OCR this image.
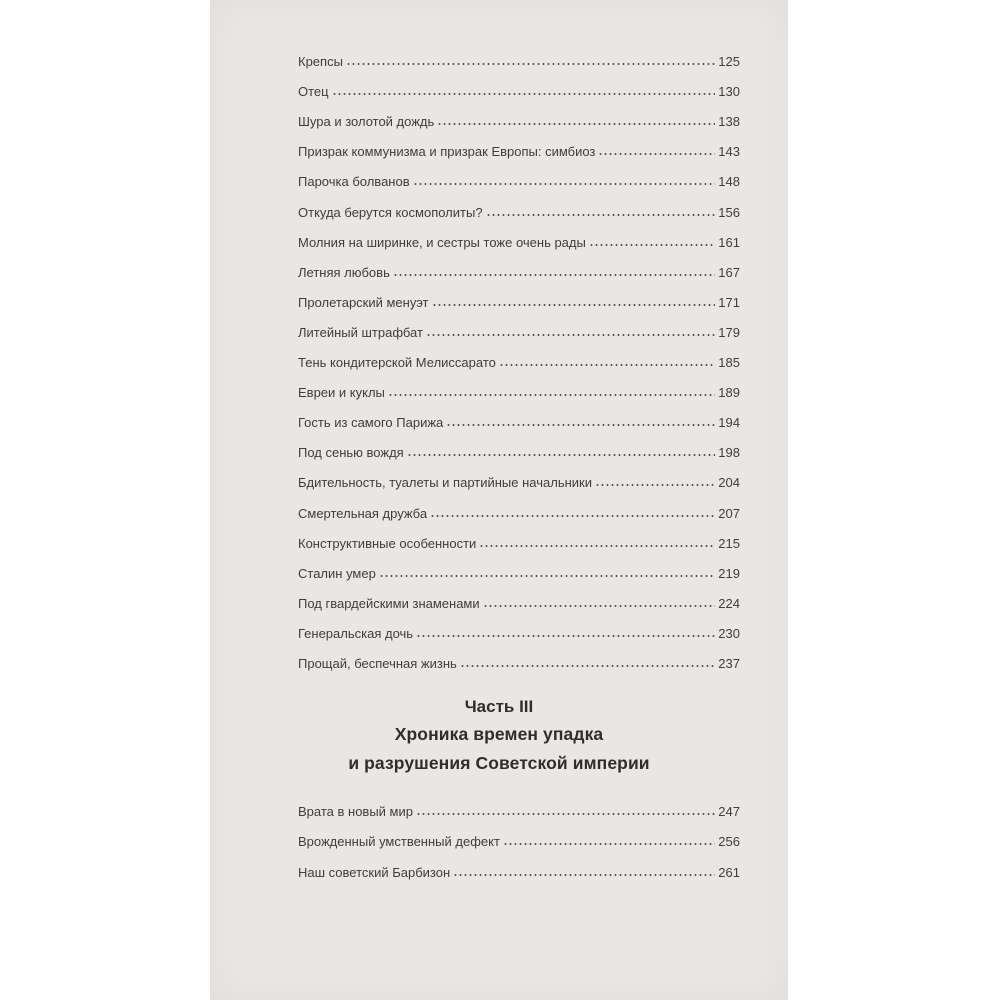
Крепсы	125
Отец	130
Шура и золотой дождь	138
Призрак коммунизма и призрак Европы: симбиоз	143
Парочка болванов	148
Откуда берутся космополиты?	156
Молния на ширинке, и сестры тоже очень рады	161
Летняя любовь	167
Пролетарский менуэт	171
Литейный штрафбат	179
Тень кондитерской Мелиссарато	185
Евреи и куклы	189
Гость из самого Парижа	194
Под сенью вождя	198
Бдительность, туалеты и партийные начальники	204
Смертельная дружба	207
Конструктивные особенности	215
Сталин умер	219
Под гвардейскими знаменами	224
Генеральская дочь	230
Прощай, беспечная жизнь	237
Часть III
Хроника времен упадка
и разрушения Советской империи
Врата в новый мир	247
Врожденный умственный дефект	256
Наш советский Барбизон	261
